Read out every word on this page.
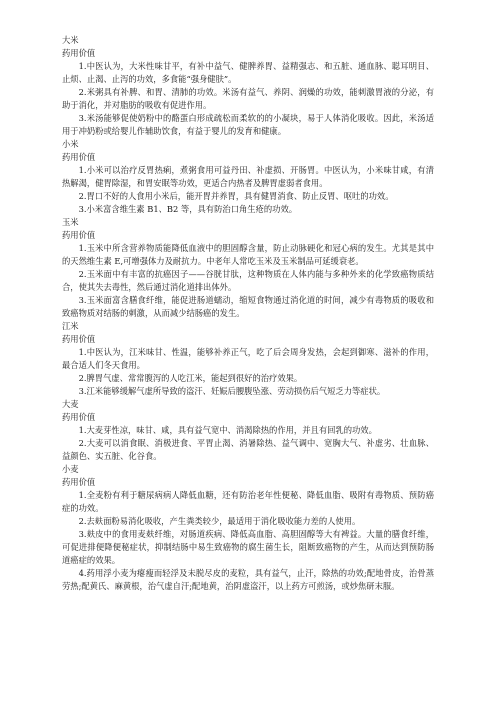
大米

药用价值

1.中医认为，大米性味甘平，有补中益气、健脾养胃、益精强志、和五脏、通血脉、聪耳明目、止烦、止渴、止泻的功效，多食能“强身健肤”。

2.米粥具有补脾、和胃、清肺的功效。米汤有益气、养阴、润燥的功效，能刺激胃液的分泌，有助于消化，并对脂肪的吸收有促进作用。

3.米汤能够促使奶粉中的酪蛋白形成疏松而柔软的的小凝块，易于人体消化吸收。因此，米汤适用于冲奶粉或给婴儿作辅助饮食，有益于婴儿的发育和健康。

小米

药用价值

1.小米可以治疗反胃热痢，煮粥食用可益丹田、补虚损、开肠胃。中医认为，小米味甘咸，有清热解渴，健胃除湿，和胃安眠等功效，更适合内热者及脾胃虚弱者食用。

2.胃口不好的人食用小米后，能开胃并养胃，具有健胃消食、防止反胃、呕吐的功效。

3.小米富含维生素 B1、B2 等，具有防治口角生疮的功效。

玉米

药用价值

1.玉米中所含营养物质能降低血液中的胆固醇含量，防止动脉硬化和冠心病的发生。尤其是其中的天然维生素 E,可增强体力及耐抗力。中老年人常吃玉米及玉米制品可延缓衰老。

2.玉米面中有丰富的抗癌因子——谷胱甘肽，这种物质在人体内能与多种外来的化学致癌物质结合，使其失去毒性，然后通过消化道排出体外。

3.玉米面富含膳食纤维，能促进肠道蠕动，缩短食物通过消化道的时间，减少有毒物质的吸收和致癌物质对结肠的刺激，从而减少结肠癌的发生。

江米

药用价值

1.中医认为，江米味甘、性温，能够补养正气，吃了后会周身发热，会起到御寒、滋补的作用，最合适人们冬天食用。

2.脾胃气虚、常常腹泻的人吃江米，能起到很好的治疗效果。

3.江米能够缓解气虚所导致的盗汗、妊娠后腰腹坠涨、劳动损伤后气短乏力等症状。

大麦

药用价值

1.大麦芽性凉，味甘、咸，具有益气宽中、消渴除热的作用，并且有回乳的功效。

2.大麦可以消食眠、消极进食、平胃止渴、消暑除热、益气调中、宽胸大气、补虚劣、壮血脉、益颜色、实五脏、化谷食。

小麦

药用价值

1.全麦粉有利于糖尿病病人降低血糖，还有防治老年性便秘、降低血脂、吸附有毒物质、预防癌症的功效。

2.去麸面粉易消化吸收，产生粪类较少，最适用于消化吸收能力差的人使用。

3.麸皮中的食用麦麸纤维，对肠道疾病、降低高血脂、高胆固醇等大有裨益。大量的膳食纤维，可促进排便降便秘症状，抑制结肠中易生致癌物的腐生菌生长，阻断致癌物的产生，从而达到预防肠道癌症的效果。

4.药用浮小麦为瘪瘦而轻浮及未脱尽皮的麦粒，具有益气，止汗，除热的功效;配地骨皮，治骨蒸劳热;配黄氏、麻黄根，治气虚自汗;配地黄，治阴虚盗汗，以上药方可煎汤，或炒焦研末服。
